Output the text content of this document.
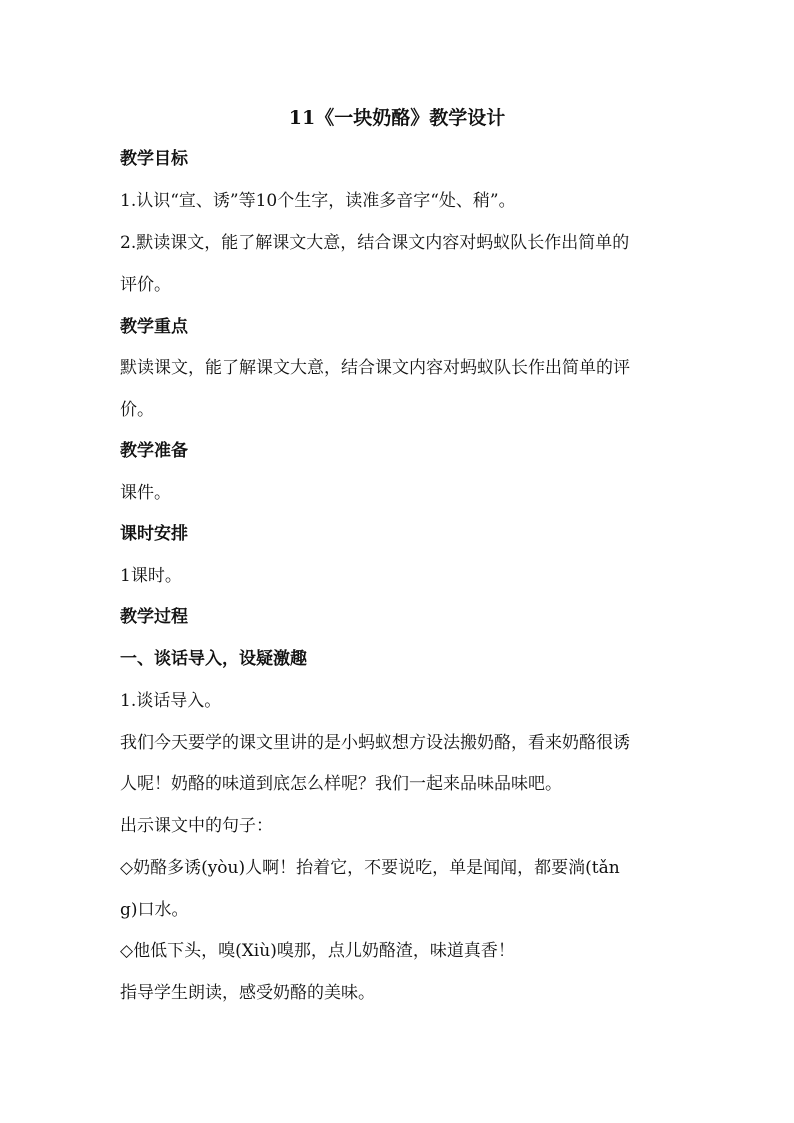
11《一块奶酪》教学设计
教学目标
1.认识“宣、诱”等10个生字，读准多音字“处、稍”。
2.默读课文，能了解课文大意，结合课文内容对蚂蚁队长作出简单的
评价。
教学重点
默读课文，能了解课文大意，结合课文内容对蚂蚁队长作出简单的评
价。
教学准备
课件。
课时安排
1课时。
教学过程
一、谈话导入，设疑激趣
1.谈话导入。
我们今天要学的课文里讲的是小蚂蚁想方设法搬奶酪，看来奶酪很诱
人呢！奶酪的味道到底怎么样呢？我们一起来品味品味吧。
出示课文中的句子：
◇奶酪多诱(yòu)人啊！抬着它，不要说吃，单是闻闻，都要淌(tǎn
g)口水。
◇他低下头，嗅(Xiù)嗅那，点儿奶酪渣，味道真香！
指导学生朗读，感受奶酪的美味。
